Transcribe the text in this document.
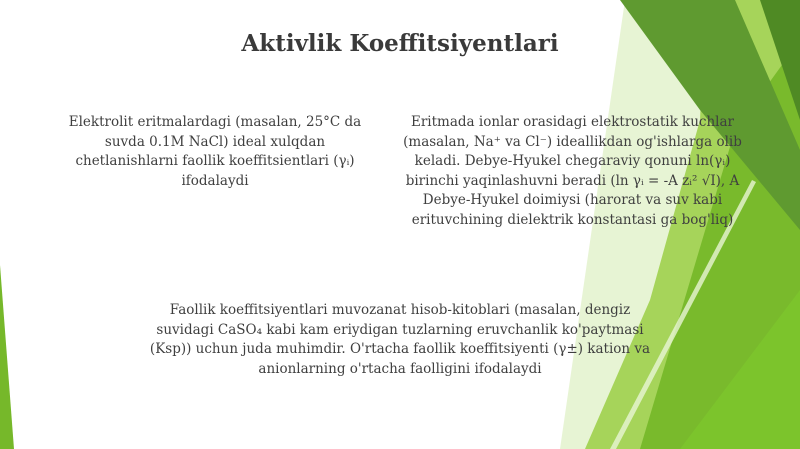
Aktivlik Koeffitsiyentlari

Elektrolit eritmalardagi (masalan, 25°C da suvda 0.1M NaCl) ideal xulqdan chetlanishlarni faollik koeffitsientlari (γᵢ) ifodalaydi

Eritmada ionlar orasidagi elektrostatik kuchlar (masalan, Na⁺ va Cl⁻) ideallikdan og'ishlarga olib keladi. Debye-Hyukel chegaraviy qonuni ln(γᵢ) birinchi yaqinlashuvni beradi (ln γᵢ = -A zᵢ² √I), A Debye-Hyukel doimiysi (harorat va suv kabi erituvchining dielektrik konstantasi ga bog'liq)

Faollik koeffitsiyentlari muvozanat hisob-kitoblari (masalan, dengiz suvidagi CaSO₄ kabi kam eriydigan tuzlarning eruvchanlik ko'paytmasi (Ksp)) uchun juda muhimdir. O'rtacha faollik koeffitsiyenti (γ±) kation va anionlarning o'rtacha faolligini ifodalaydi
